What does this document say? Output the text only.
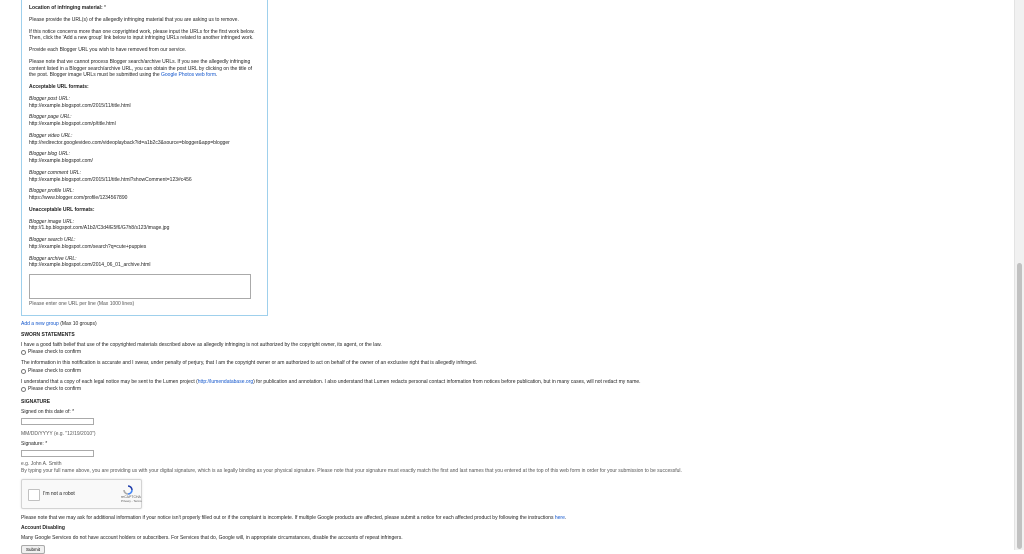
Location of infringing material: *

Please provide the URL(s) of the allegedly infringing material that you are asking us to remove.

If this notice concerns more than one copyrighted work, please input the URLs for the first work below. Then, click the 'Add a new group' link below to input infringing URLs related to another infringed work.

Provide each Blogger URL you wish to have removed from our service.

Please note that we cannot process Blogger search/archive URLs. If you see the allegedly infringing content listed in a Blogger search/archive URL, you can obtain the post URL by clicking on the title of the post. Blogger image URLs must be submitted using the Google Photos web form.

Acceptable URL formats:

Blogger post URL:
http://example.blogspot.com/2015/11/title.html
Blogger page URL:
http://example.blogspot.com/p/title.html
Blogger video URL:
http://redirector.googlevideo.com/videoplayback?id=a1b2c3&source=blogger&app=blogger
Blogger blog URL:
http://example.blogspot.com/
Blogger comment URL:
http://example.blogspot.com/2015/11/title.html?showComment=123#c456
Blogger profile URL:
https://www.blogger.com/profile/1234567890

Unacceptable URL formats:

Blogger image URL:
http://1.bp.blogspot.com/A1b2/C3d4/E5f6/G7h8/s123/image.jpg
Blogger search URL:
http://example.blogspot.com/search?q=cute+puppies
Blogger archive URL:
http://example.blogspot.com/2014_06_01_archive.html
Please enter one URL per line (Max 1000 lines)
Add a new group (Max 10 groups)
SWORN STATEMENTS
I have a good faith belief that use of the copyrighted materials described above as allegedly infringing is not authorized by the copyright owner, its agent, or the law.
Please check to confirm
The information in this notification is accurate and I swear, under penalty of perjury, that I am the copyright owner or am authorized to act on behalf of the owner of an exclusive right that is allegedly infringed.
Please check to confirm
I understand that a copy of each legal notice may be sent to the Lumen project (http://lumendatabase.org) for publication and annotation. I also understand that Lumen redacts personal contact information from notices before publication, but in many cases, will not redact my name.
Please check to confirm
SIGNATURE
Signed on this date of: *
MM/DD/YYYY (e.g. "12/19/2010")
Signature: *
e.g. John A. Smith
By typing your full name above, you are providing us with your digital signature, which is as legally binding as your physical signature. Please note that your signature must exactly match the first and last names that you entered at the top of this web form in order for your submission to be successful.
I'm not a robot	reCAPTCHA
Privacy - Terms
Please note that we may ask for additional information if your notice isn't properly filled out or if the complaint is incomplete. If multiple Google products are affected, please submit a notice for each affected product by following the instructions here.
Account Disabling
Many Google Services do not have account holders or subscribers. For Services that do, Google will, in appropriate circumstances, disable the accounts of repeat infringers.
Submit
